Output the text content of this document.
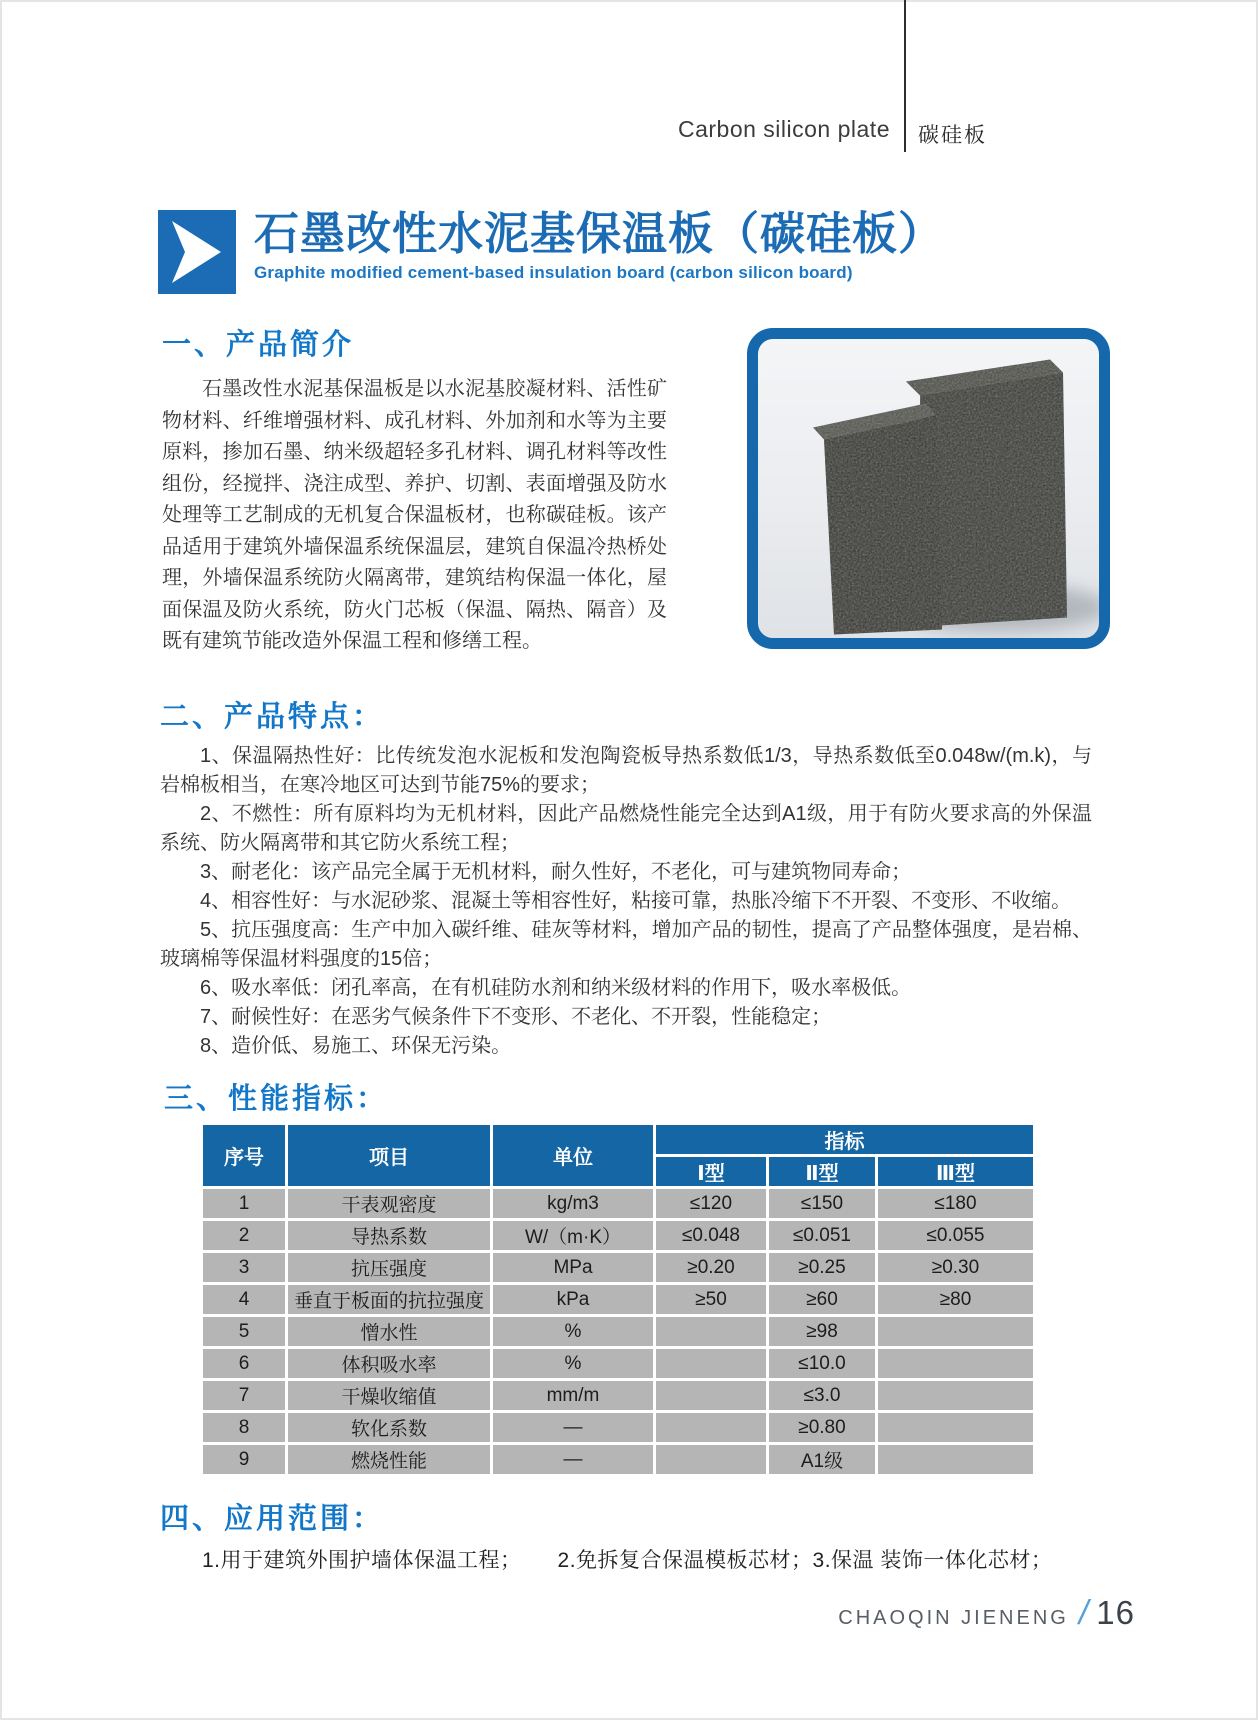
Carbon silicon plate 碳硅板
石墨改性水泥基保温板（碳硅板）
Graphite modified cement-based insulation board (carbon silicon board)
一、产品简介

石墨改性水泥基保温板是以水泥基胶凝材料、活性矿物材料、纤维增强材料、成孔材料、外加剂和水等为主要原料，掺加石墨、纳米级超轻多孔材料、调孔材料等改性组份，经搅拌、浇注成型、养护、切割、表面增强及防水处理等工艺制成的无机复合保温板材，也称碳硅板。该产品适用于建筑外墙保温系统保温层，建筑自保温冷热桥处理，外墙保温系统防火隔离带，建筑结构保温一体化，屋面保温及防火系统，防火门芯板（保温、隔热、隔音）及既有建筑节能改造外保温工程和修缮工程。

二、产品特点：

1、保温隔热性好：比传统发泡水泥板和发泡陶瓷板导热系数低1/3，导热系数低至0.048w/(m.k)，与岩棉板相当，在寒冷地区可达到节能75%的要求；

2、不燃性：所有原料均为无机材料，因此产品燃烧性能完全达到A1级，用于有防火要求高的外保温系统、防火隔离带和其它防火系统工程；

3、耐老化：该产品完全属于无机材料，耐久性好，不老化，可与建筑物同寿命；

4、相容性好：与水泥砂浆、混凝土等相容性好，粘接可靠，热胀冷缩下不开裂、不变形、不收缩。

5、抗压强度高：生产中加入碳纤维、硅灰等材料，增加产品的韧性，提高了产品整体强度，是岩棉、玻璃棉等保温材料强度的15倍；

6、吸水率低：闭孔率高，在有机硅防水剂和纳米级材料的作用下，吸水率极低。

7、耐候性好：在恶劣气候条件下不变形、不老化、不开裂，性能稳定；

8、造价低、易施工、环保无污染。

三、性能指标：
序号	项目	单位	指标		
			Ⅰ型	Ⅱ型	Ⅲ型
1	干表观密度	kg/m3	≤120	≤150	≤180
2	导热系数	W/（m·K）	≤0.048	≤0.051	≤0.055
3	抗压强度	MPa	≥0.20	≥0.25	≥0.30
4	垂直于板面的抗拉强度	kPa	≥50	≥60	≥80
5	憎水性	%		≥98	
6	体积吸水率	%		≤10.0	
7	干燥收缩值	mm/m		≤3.0	
8	软化系数	—		≥0.80	
9	燃烧性能	—		A1级	
四、应用范围：

1.用于建筑外围护墙体保温工程； 2.免拆复合保温模板芯材；3.保温 装饰一体化芯材；

CHAOQIN JIENENG / 16
